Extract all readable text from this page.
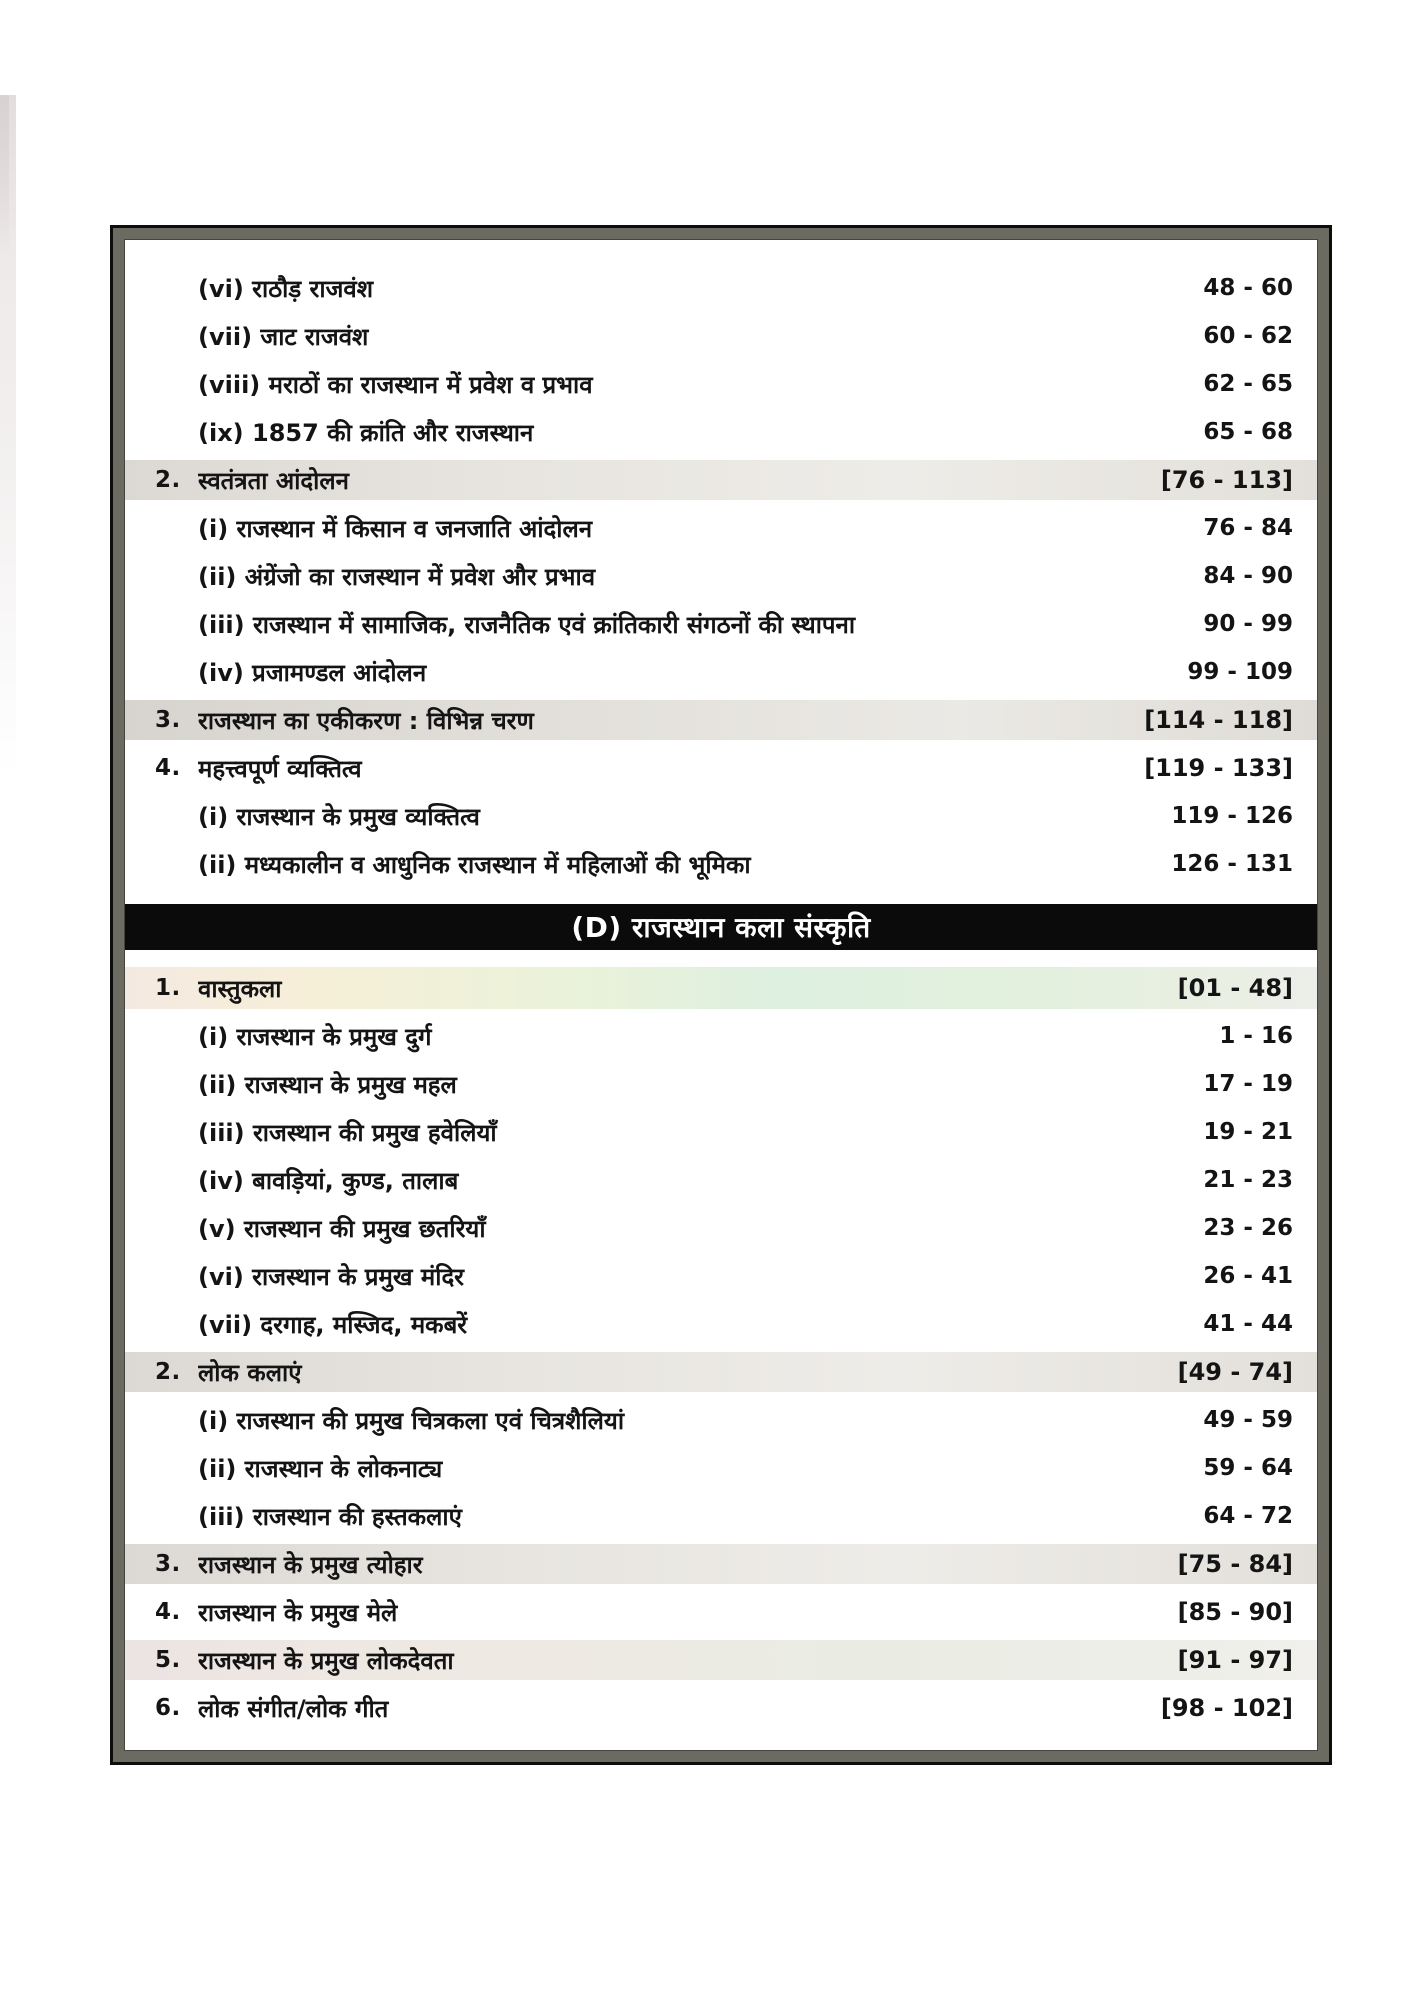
(vi) राठौड़ राजवंश	48 - 60
(vii) जाट राजवंश	60 - 62
(viii) मराठों का राजस्थान में प्रवेश व प्रभाव	62 - 65
(ix) 1857 की क्रांति और राजस्थान	65 - 68
2. स्वतंत्रता आंदोलन	[76 - 113]
(i) राजस्थान में किसान व जनजाति आंदोलन	76 - 84
(ii) अंग्रेंजो का राजस्थान में प्रवेश और प्रभाव	84 - 90
(iii) राजस्थान में सामाजिक, राजनैतिक एवं क्रांतिकारी संगठनों की स्थापना	90 - 99
(iv) प्रजामण्डल आंदोलन	99 - 109
3. राजस्थान का एकीकरण : विभिन्न चरण	[114 - 118]
4. महत्त्वपूर्ण व्यक्तित्व	[119 - 133]
(i) राजस्थान के प्रमुख व्यक्तित्व	119 - 126
(ii) मध्यकालीन व आधुनिक राजस्थान में महिलाओं की भूमिका	126 - 131
(D) राजस्थान कला संस्कृति
1. वास्तुकला	[01 - 48]
(i) राजस्थान के प्रमुख दुर्ग	1 - 16
(ii) राजस्थान के प्रमुख महल	17 - 19
(iii) राजस्थान की प्रमुख हवेलियाँ	19 - 21
(iv) बावड़ियां, कुण्ड, तालाब	21 - 23
(v) राजस्थान की प्रमुख छतरियाँ	23 - 26
(vi) राजस्थान के प्रमुख मंदिर	26 - 41
(vii) दरगाह, मस्जिद, मकबरें	41 - 44
2. लोक कलाएं	[49 - 74]
(i) राजस्थान की प्रमुख चित्रकला एवं चित्रशैलियां	49 - 59
(ii) राजस्थान के लोकनाट्य	59 - 64
(iii) राजस्थान की हस्तकलाएं	64 - 72
3. राजस्थान के प्रमुख त्योहार	[75 - 84]
4. राजस्थान के प्रमुख मेले	[85 - 90]
5. राजस्थान के प्रमुख लोकदेवता	[91 - 97]
6. लोक संगीत/लोक गीत	[98 - 102]
